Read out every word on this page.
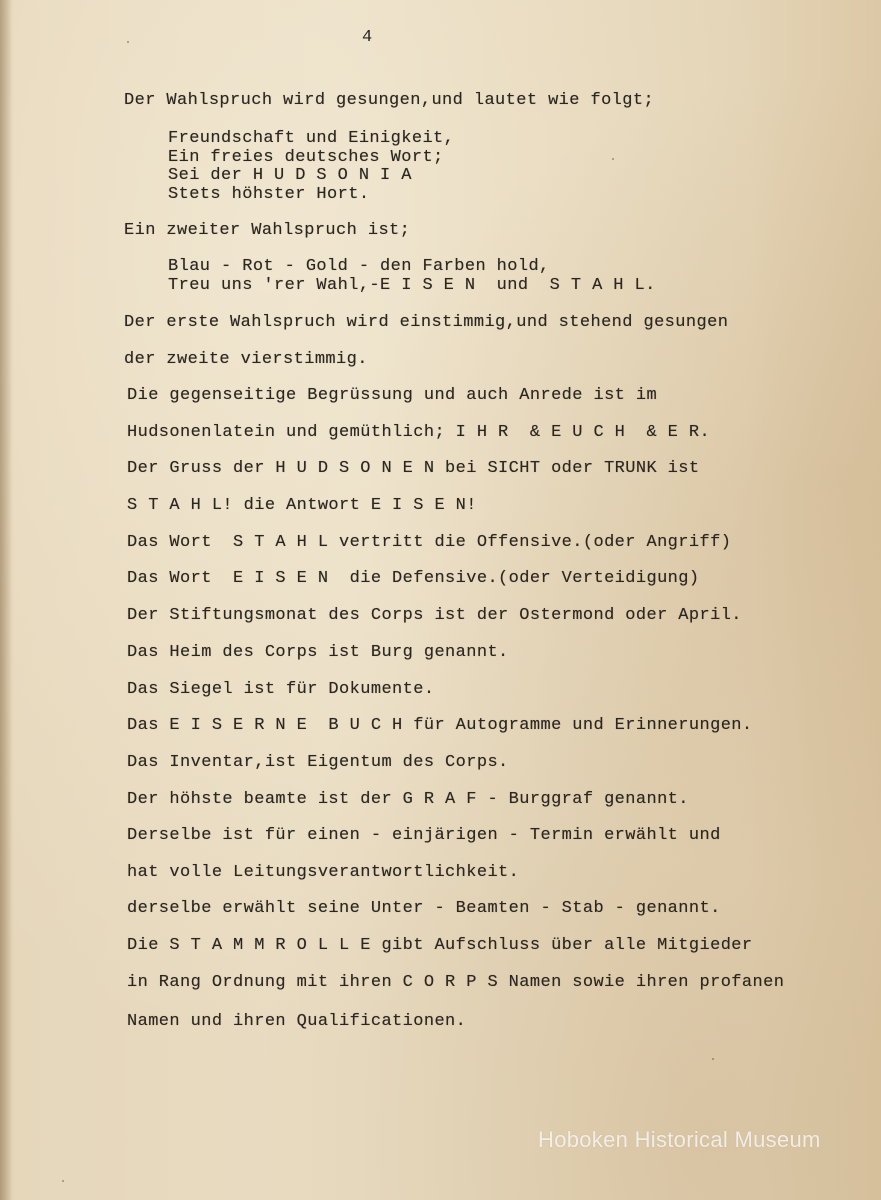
4
Der Wahlspruch wird gesungen,und lautet wie folgt;
Freundschaft und Einigkeit,
Ein freies deutsches Wort;
Sei der H U D S O N I A
Stets höhster Hort.
Ein zweiter Wahlspruch ist;
Blau - Rot - Gold - den Farben hold,
Treu uns 'rer Wahl,-E I S E N  und  S T A H L.
Der erste Wahlspruch wird einstimmig,und stehend gesungen
der zweite vierstimmig.
Die gegenseitige Begrüssung und auch Anrede ist im
Hudsonenlatein und gemüthlich; I H R  & E U C H  & E R.
Der Gruss der H U D S O N E N bei SICHT oder TRUNK ist
S T A H L! die Antwort E I S E N!
Das Wort  S T A H L vertritt die Offensive.(oder Angriff)
Das Wort  E I S E N  die Defensive.(oder Verteidigung)
Der Stiftungsmonat des Corps ist der Ostermond oder April.
Das Heim des Corps ist Burg genannt.
Das Siegel ist für Dokumente.
Das E I S E R N E  B U C H für Autogramme und Erinnerungen.
Das Inventar,ist Eigentum des Corps.
Der höhste beamte ist der G R A F - Burggraf genannt.
Derselbe ist für einen - einjärigen - Termin erwählt und
hat volle Leitungsverantwortlichkeit.
derselbe erwählt seine Unter - Beamten - Stab - genannt.
Die S T A M M R O L L E gibt Aufschluss über alle Mitgieder
in Rang Ordnung mit ihren C O R P S Namen sowie ihren profanen
Namen und ihren Qualificationen.
Hoboken Historical Museum
